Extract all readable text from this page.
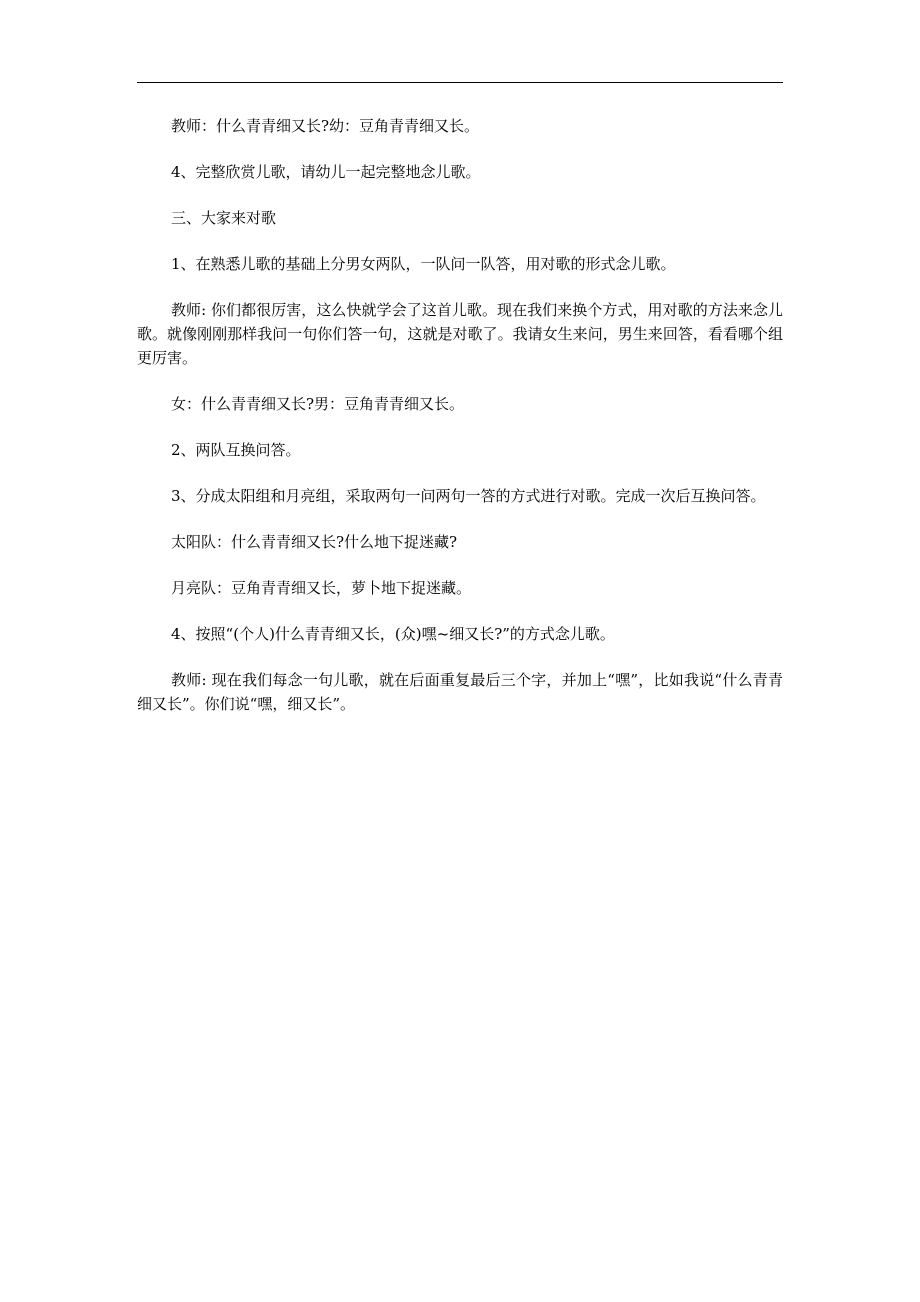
教师：什么青青细又长?幼：豆角青青细又长。

4、完整欣赏儿歌，请幼儿一起完整地念儿歌。

三、大家来对歌

1、在熟悉儿歌的基础上分男女两队，一队问一队答，用对歌的形式念儿歌。

教师: 你们都很厉害，这么快就学会了这首儿歌。现在我们来换个方式，用对歌的方法来念儿歌。就像刚刚那样我问一句你们答一句，这就是对歌了。我请女生来问，男生来回答，看看哪个组更厉害。

女：什么青青细又长?男：豆角青青细又长。

2、两队互换问答。

3、分成太阳组和月亮组，采取两句一问两句一答的方式进行对歌。完成一次后互换问答。

太阳队：什么青青细又长?什么地下捉迷藏?

月亮队：豆角青青细又长，萝卜地下捉迷藏。

4、按照“(个人)什么青青细又长，(众)嘿~细又长?”的方式念儿歌。

教师: 现在我们每念一句儿歌，就在后面重复最后三个字，并加上“嘿”，比如我说“什么青青细又长”。你们说“嘿，细又长”。
